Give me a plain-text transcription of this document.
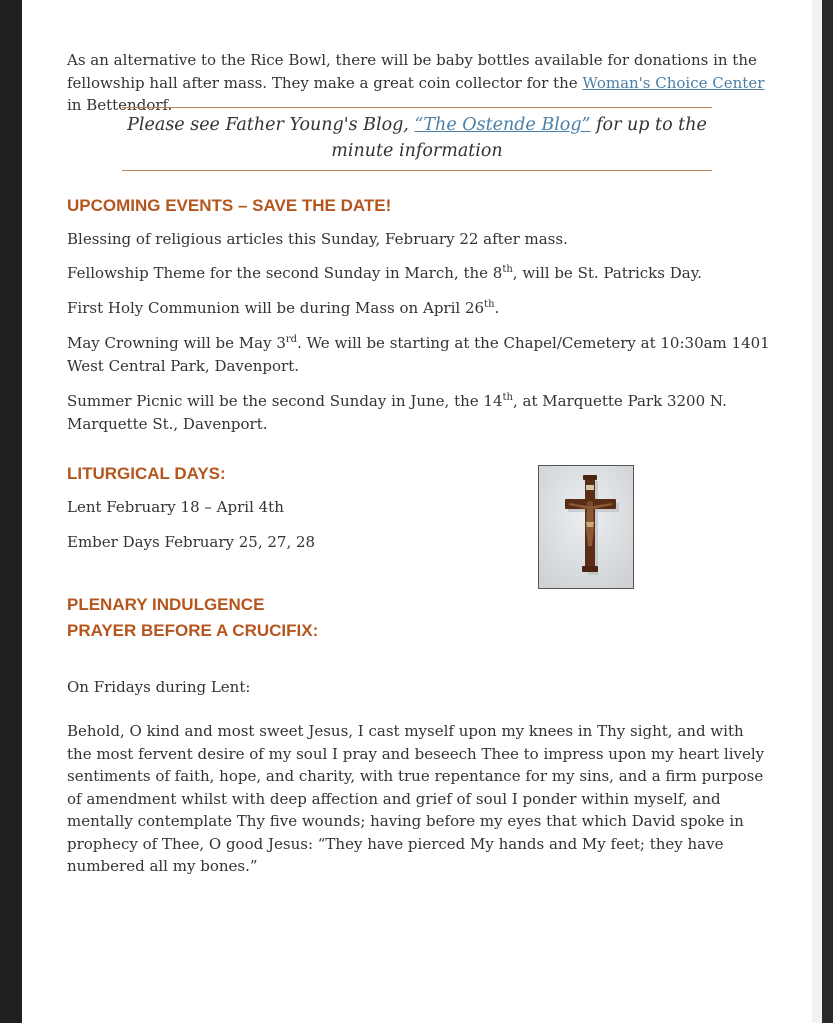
As an alternative to the Rice Bowl, there will be baby bottles available for donations in the fellowship hall after mass. They make a great coin collector for the Woman's Choice Center in Bettendorf.

Please see Father Young's Blog, “The Ostende Blog” for up to the minute information

UPCOMING EVENTS – SAVE THE DATE!

Blessing of religious articles this Sunday, February 22 after mass.

Fellowship Theme for the second Sunday in March, the 8th, will be St. Patricks Day.

First Holy Communion will be during Mass on April 26th.

May Crowning will be May 3rd. We will be starting at the Chapel/Cemetery at 10:30am 1401 West Central Park, Davenport.

Summer Picnic will be the second Sunday in June, the 14th, at Marquette Park 3200 N. Marquette St., Davenport.

LITURGICAL DAYS:

Lent February 18 – April 4th

Ember Days February 25, 27, 28

PLENARY INDULGENCE
PRAYER BEFORE A CRUCIFIX:

On Fridays during Lent:

Behold, O kind and most sweet Jesus, I cast myself upon my knees in Thy sight, and with the most fervent desire of my soul I pray and beseech Thee to impress upon my heart lively sentiments of faith, hope, and charity, with true repentance for my sins, and a firm purpose of amendment whilst with deep affection and grief of soul I ponder within myself, and mentally contemplate Thy five wounds; having before my eyes that which David spoke in prophecy of Thee, O good Jesus: “They have pierced My hands and My feet; they have numbered all my bones.”
